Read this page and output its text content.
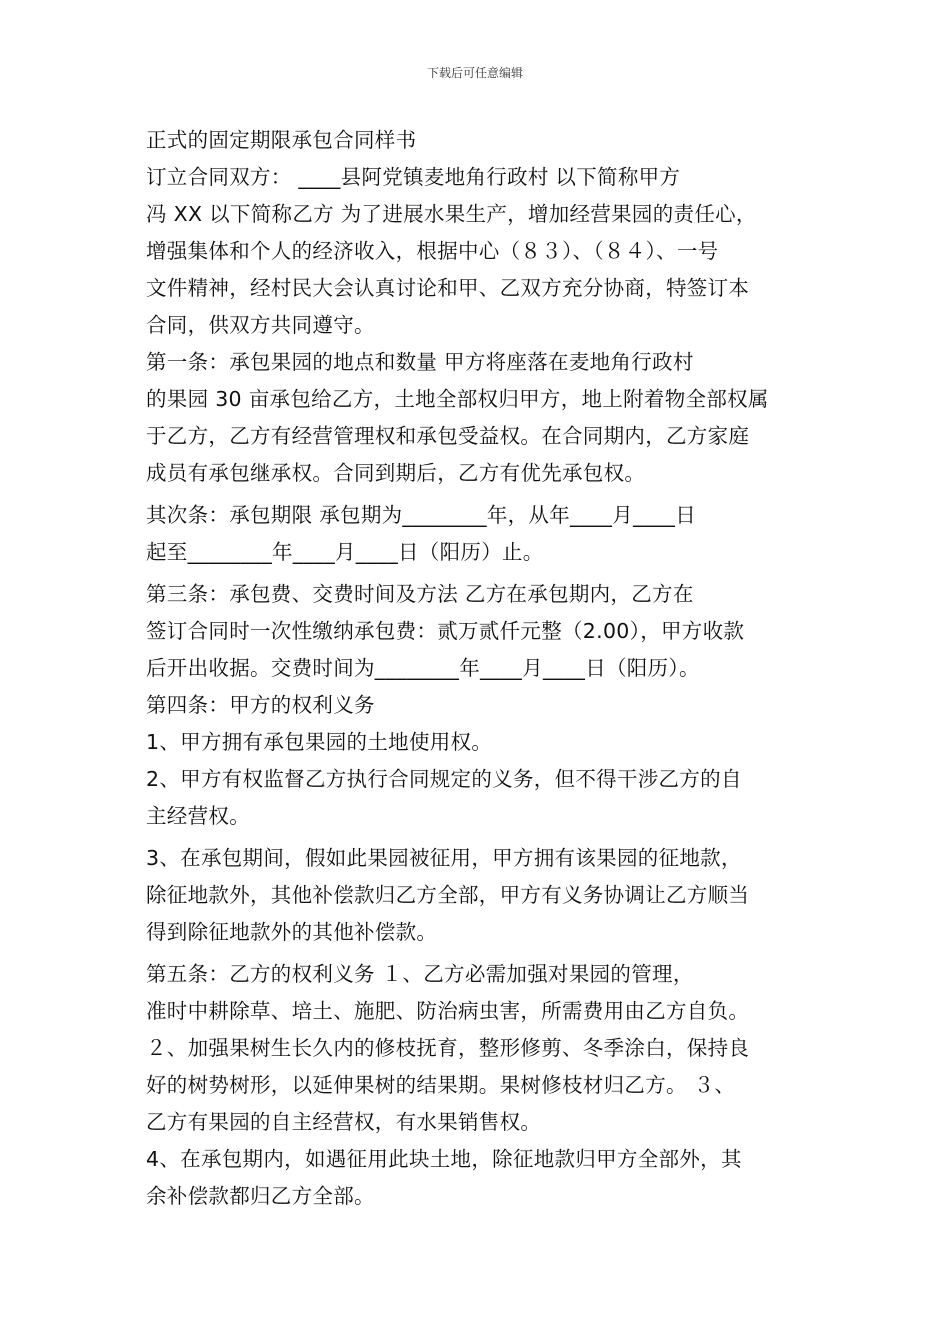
下载后可任意编辑

正式的固定期限承包合同样书

订立合同双方： ____县阿党镇麦地角行政村 以下简称甲方

冯 XX 以下简称乙方 为了进展水果生产，增加经营果园的责任心，

增强集体和个人的经济收入，根据中心（８３）、（８４）、一号

文件精神，经村民大会认真讨论和甲、乙双方充分协商，特签订本

合同，供双方共同遵守。

第一条：承包果园的地点和数量 甲方将座落在麦地角行政村

的果园 30 亩承包给乙方，土地全部权归甲方，地上附着物全部权属

于乙方，乙方有经营管理权和承包受益权。在合同期内，乙方家庭

成员有承包继承权。合同到期后，乙方有优先承包权。

其次条：承包期限 承包期为________年，从年____月____日

起至________年____月____日（阳历）止。

第三条：承包费、交费时间及方法 乙方在承包期内，乙方在

签订合同时一次性缴纳承包费：贰万贰仟元整（2.00），甲方收款

后开出收据。交费时间为________年____月____日（阳历）。

第四条：甲方的权利义务

1、甲方拥有承包果园的土地使用权。

2、甲方有权监督乙方执行合同规定的义务，但不得干涉乙方的自

主经营权。

3、在承包期间，假如此果园被征用，甲方拥有该果园的征地款，

除征地款外，其他补偿款归乙方全部，甲方有义务协调让乙方顺当

得到除征地款外的其他补偿款。

第五条：乙方的权利义务 １、乙方必需加强对果园的管理，

准时中耕除草、培土、施肥、防治病虫害，所需费用由乙方自负。

２、加强果树生长久内的修枝抚育，整形修剪、冬季涂白，保持良

好的树势树形，以延伸果树的结果期。果树修枝材归乙方。 ３、

乙方有果园的自主经营权，有水果销售权。

4、在承包期内，如遇征用此块土地，除征地款归甲方全部外，其

余补偿款都归乙方全部。
